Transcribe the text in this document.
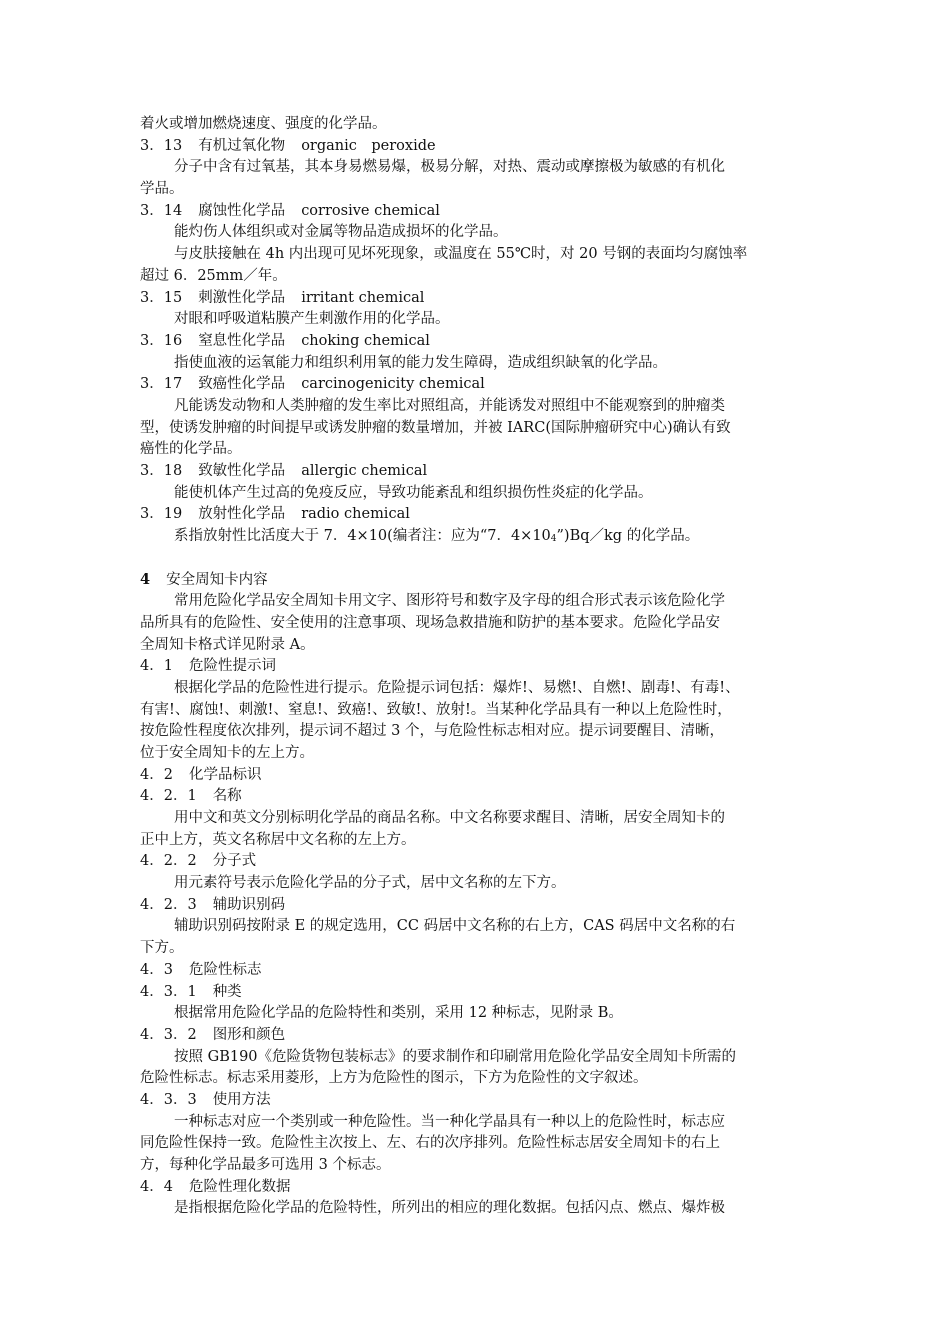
着火或增加燃烧速度、强度的化学品。
3．13 有机过氧化物 organic　peroxide
分子中含有过氧基，其本身易燃易爆，极易分解，对热、震动或摩擦极为敏感的有机化
学品。
3．14 腐蚀性化学品 corrosive chemical
能灼伤人体组织或对金属等物品造成损坏的化学品。
与皮肤接触在 4h 内出现可见坏死现象，或温度在 55℃时，对 20 号钢的表面均匀腐蚀率
超过 6．25mm／年。
3．15 刺激性化学品 irritant chemical
对眼和呼吸道粘膜产生刺激作用的化学品。
3．16 窒息性化学品 choking chemical
指使血液的运氧能力和组织利用氧的能力发生障碍，造成组织缺氧的化学品。
3．17 致癌性化学品 carcinogenicity chemical
凡能诱发动物和人类肿瘤的发生率比对照组高，并能诱发对照组中不能观察到的肿瘤类
型，使诱发肿瘤的时间提早或诱发肿瘤的数量增加，并被 IARC(国际肿瘤研究中心)确认有致
癌性的化学品。
3．18 致敏性化学品 allergic chemical
能使机体产生过高的免疫反应，导致功能紊乱和组织损伤性炎症的化学品。
3．19 放射性化学品 radio chemical
系指放射性比活度大于 7．4×10(编者注：应为“7．$4\times 10_4”)Bq/kg$ 的化学品。
4 安全周知卡内容
常用危险化学品安全周知卡用文字、图形符号和数字及字母的组合形式表示该危险化学
品所具有的危险性、安全使用的注意事项、现场急救措施和防护的基本要求。危险化学品安
全周知卡格式详见附录 A。
4．1 危险性提示词
根据化学品的危险性进行提示。危险提示词包括：爆炸!、易燃!、自燃!、剧毒!、有毒!、
有害!、腐蚀!、刺激!、窒息!、致癌!、致敏!、放射!。当某种化学品具有一种以上危险性时，
按危险性程度依次排列，提示词不超过 3 个，与危险性标志相对应。提示词要醒目、清晰，
位于安全周知卡的左上方。
4．2 化学品标识
4．2．1 名称
用中文和英文分别标明化学品的商品名称。中文名称要求醒目、清晰，居安全周知卡的
正中上方，英文名称居中文名称的左上方。
4．2．2 分子式
用元素符号表示危险化学品的分子式，居中文名称的左下方。
4．2．3 辅助识别码
辅助识别码按附录 E 的规定选用，CC 码居中文名称的右上方，CAS 码居中文名称的右
下方。
4．3 危险性标志
4．3．1 种类
根据常用危险化学品的危险特性和类别，采用 12 种标志，见附录 B。
4．3．2 图形和颜色
按照 GB190《危险货物包装标志》的要求制作和印刷常用危险化学品安全周知卡所需的
危险性标志。标志采用菱形，上方为危险性的图示，下方为危险性的文字叙述。
4．3．3 使用方法
一种标志对应一个类别或一种危险性。当一种化学晶具有一种以上的危险性时，标志应
同危险性保持一致。危险性主次按上、左、右的次序排列。危险性标志居安全周知卡的右上
方，每种化学品最多可选用 3 个标志。
4．4 危险性理化数据
是指根据危险化学品的危险特性，所列出的相应的理化数据。包括闪点、燃点、爆炸极
